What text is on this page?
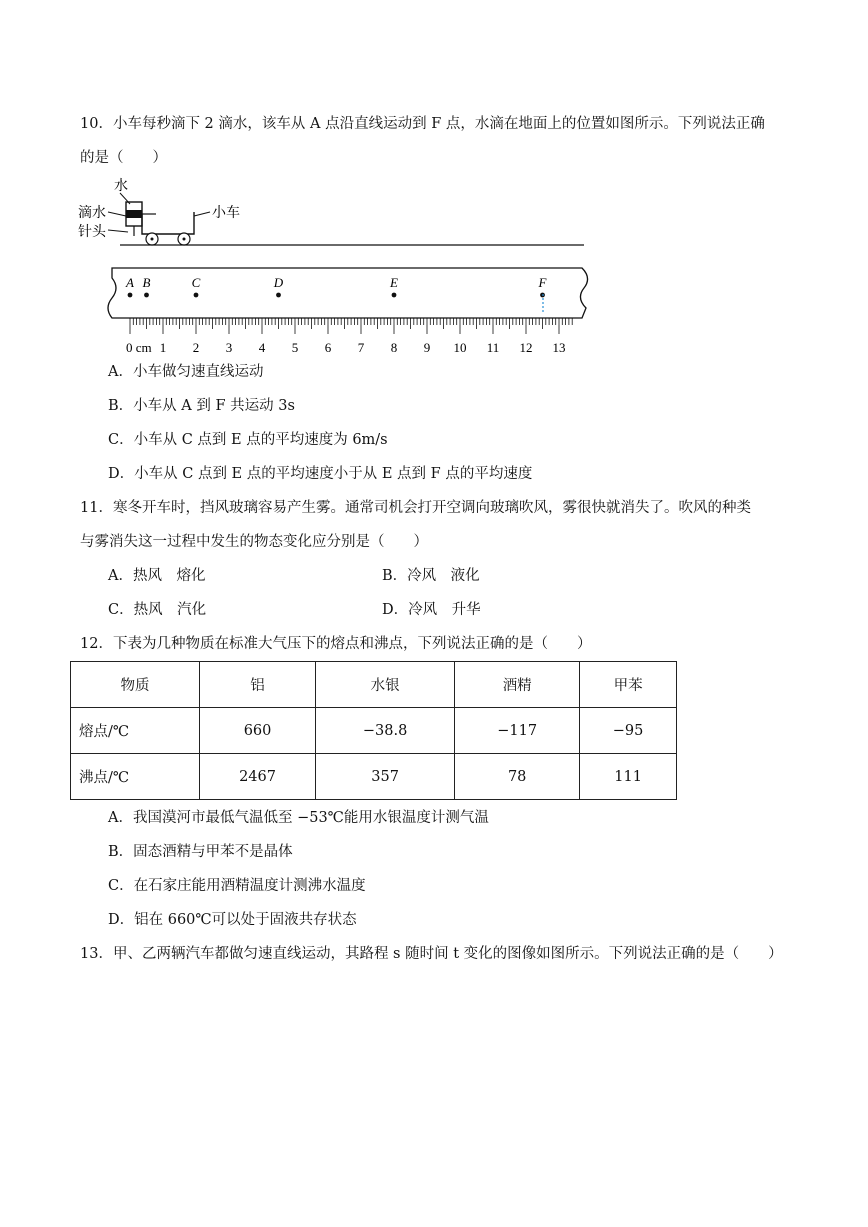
10．小车每秒滴下 2 滴水，该车从 A 点沿直线运动到 F 点，水滴在地面上的位置如图所示。下列说法正确
的是（　　）
水
滴水
针头
小车
A B	C	D	E	F
0 cm 1 2 3 4 5 6 7 8 9 10 11 12 13
A．小车做匀速直线运动
B．小车从 A 到 F 共运动 3s
C．小车从 C 点到 E 点的平均速度为 6m/s
D．小车从 C 点到 E 点的平均速度小于从 E 点到 F 点的平均速度
11．寒冬开车时，挡风玻璃容易产生雾。通常司机会打开空调向玻璃吹风，雾很快就消失了。吹风的种类
与雾消失这一过程中发生的物态变化应分别是（　　）
A．热风　熔化	B．冷风　液化
C．热风　汽化	D．冷风　升华
12．下表为几种物质在标准大气压下的熔点和沸点，下列说法正确的是（　　）
物质	铝	水银	酒精	甲苯
熔点/℃	660	−38.8	−117	−95
沸点/℃	2467	357	78	111
A．我国漠河市最低气温低至 −53℃能用水银温度计测气温
B．固态酒精与甲苯不是晶体
C．在石家庄能用酒精温度计测沸水温度
D．铝在 660℃可以处于固液共存状态
13．甲、乙两辆汽车都做匀速直线运动，其路程 s 随时间 t 变化的图像如图所示。下列说法正确的是（　　）
